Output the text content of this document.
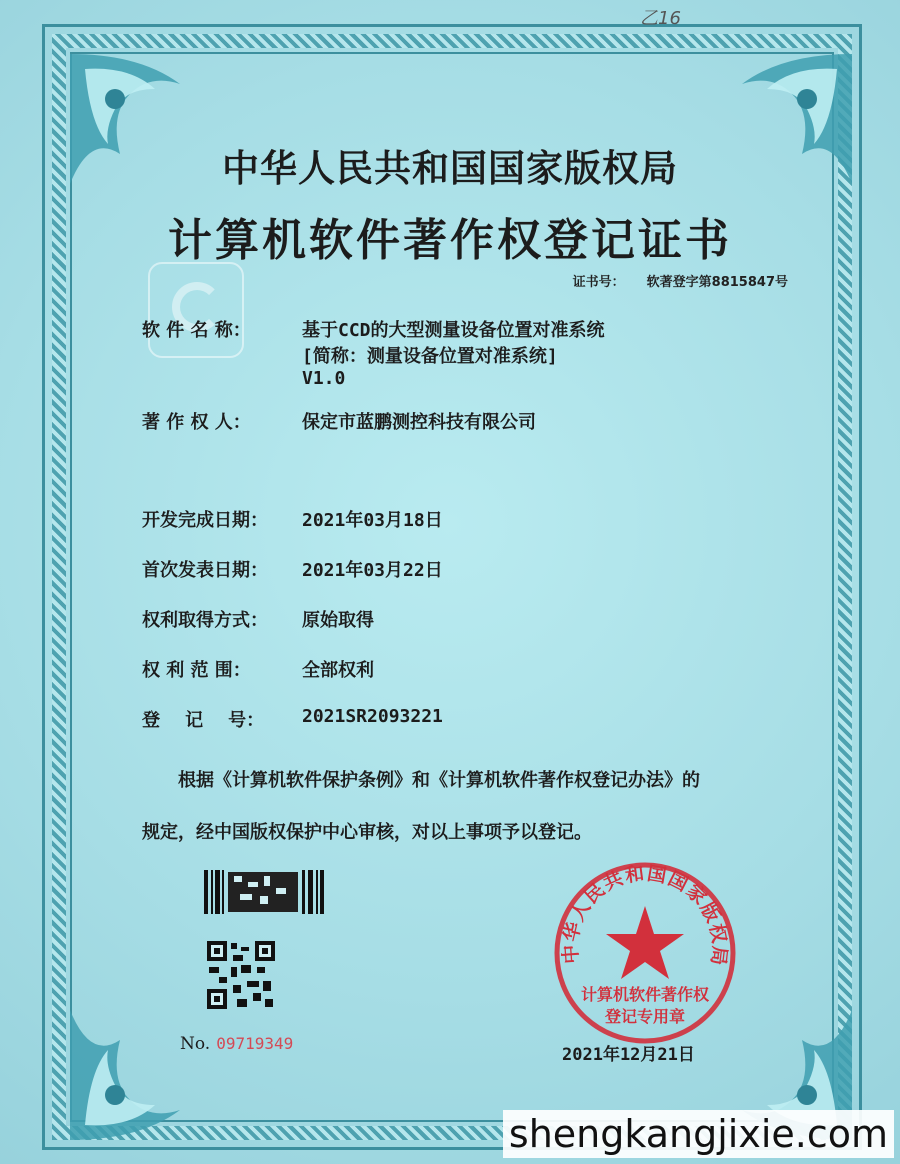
乙16
中华人民共和国国家版权局
计算机软件著作权登记证书
证书号： 软著登字第8815847号
软 件 名 称：	基于CCD的大型测量设备位置对准系统
[简称：测量设备位置对准系统]
V1.0
著 作 权 人：	保定市蓝鹏测控科技有限公司
开发完成日期：	2021年03月18日
首次发表日期：	2021年03月22日
权利取得方式：	原始取得
权 利 范 围：	全部权利
登    记    号：	2021SR2093221
根据《计算机软件保护条例》和《计算机软件著作权登记办法》的
规定，经中国版权保护中心审核，对以上事项予以登记。
No. 09719349
中华人民共和国国家版权局
计算机软件著作权
登记专用章
2021年12月21日
shengkangjixie.com
